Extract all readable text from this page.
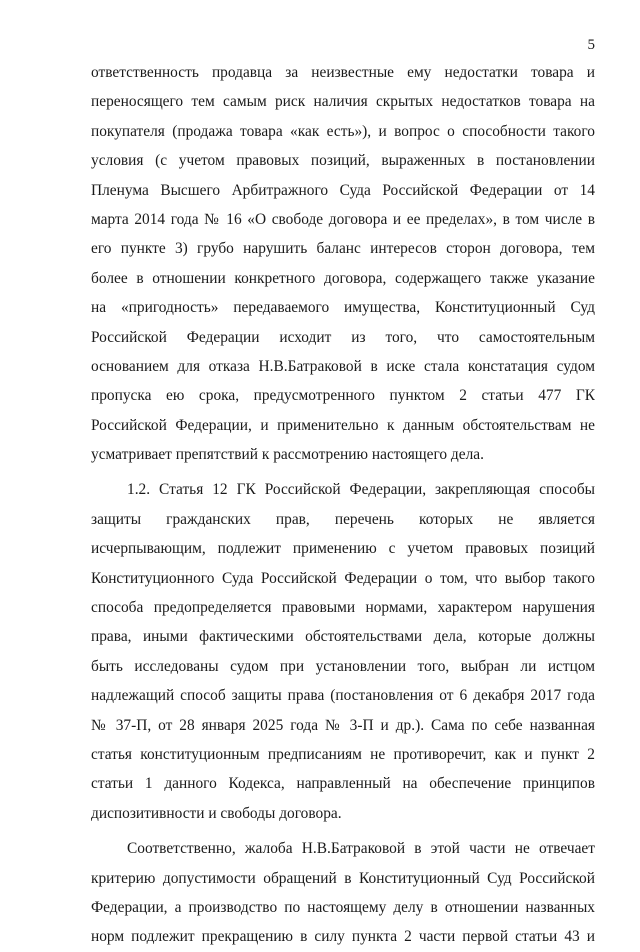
5
ответственность продавца за неизвестные ему недостатки товара и
переносящего тем самым риск наличия скрытых недостатков товара на
покупателя (продажа товара «как есть»), и вопрос о способности такого
условия (с учетом правовых позиций, выраженных в постановлении
Пленума Высшего Арбитражного Суда Российской Федерации от 14
марта 2014 года № 16 «О свободе договора и ее пределах», в том числе в
его пункте 3) грубо нарушить баланс интересов сторон договора, тем
более в отношении конкретного договора, содержащего также указание
на «пригодность» передаваемого имущества, Конституционный Суд
Российской Федерации исходит из того, что самостоятельным
основанием для отказа Н.В.Батраковой в иске стала констатация судом
пропуска ею срока, предусмотренного пунктом 2 статьи 477 ГК
Российской Федерации, и применительно к данным обстоятельствам не
усматривает препятствий к рассмотрению настоящего дела.
1.2. Статья 12 ГК Российской Федерации, закрепляющая способы
защиты гражданских прав, перечень которых не является
исчерпывающим, подлежит применению с учетом правовых позиций
Конституционного Суда Российской Федерации о том, что выбор такого
способа предопределяется правовыми нормами, характером нарушения
права, иными фактическими обстоятельствами дела, которые должны
быть исследованы судом при установлении того, выбран ли истцом
надлежащий способ защиты права (постановления от 6 декабря 2017 года
№ 37-П, от 28 января 2025 года № 3-П и др.). Сама по себе названная
статья конституционным предписаниям не противоречит, как и пункт 2
статьи 1 данного Кодекса, направленный на обеспечение принципов
диспозитивности и свободы договора.
Соответственно, жалоба Н.В.Батраковой в этой части не отвечает
критерию допустимости обращений в Конституционный Суд Российской
Федерации, а производство по настоящему делу в отношении названных
норм подлежит прекращению в силу пункта 2 части первой статьи 43 и
